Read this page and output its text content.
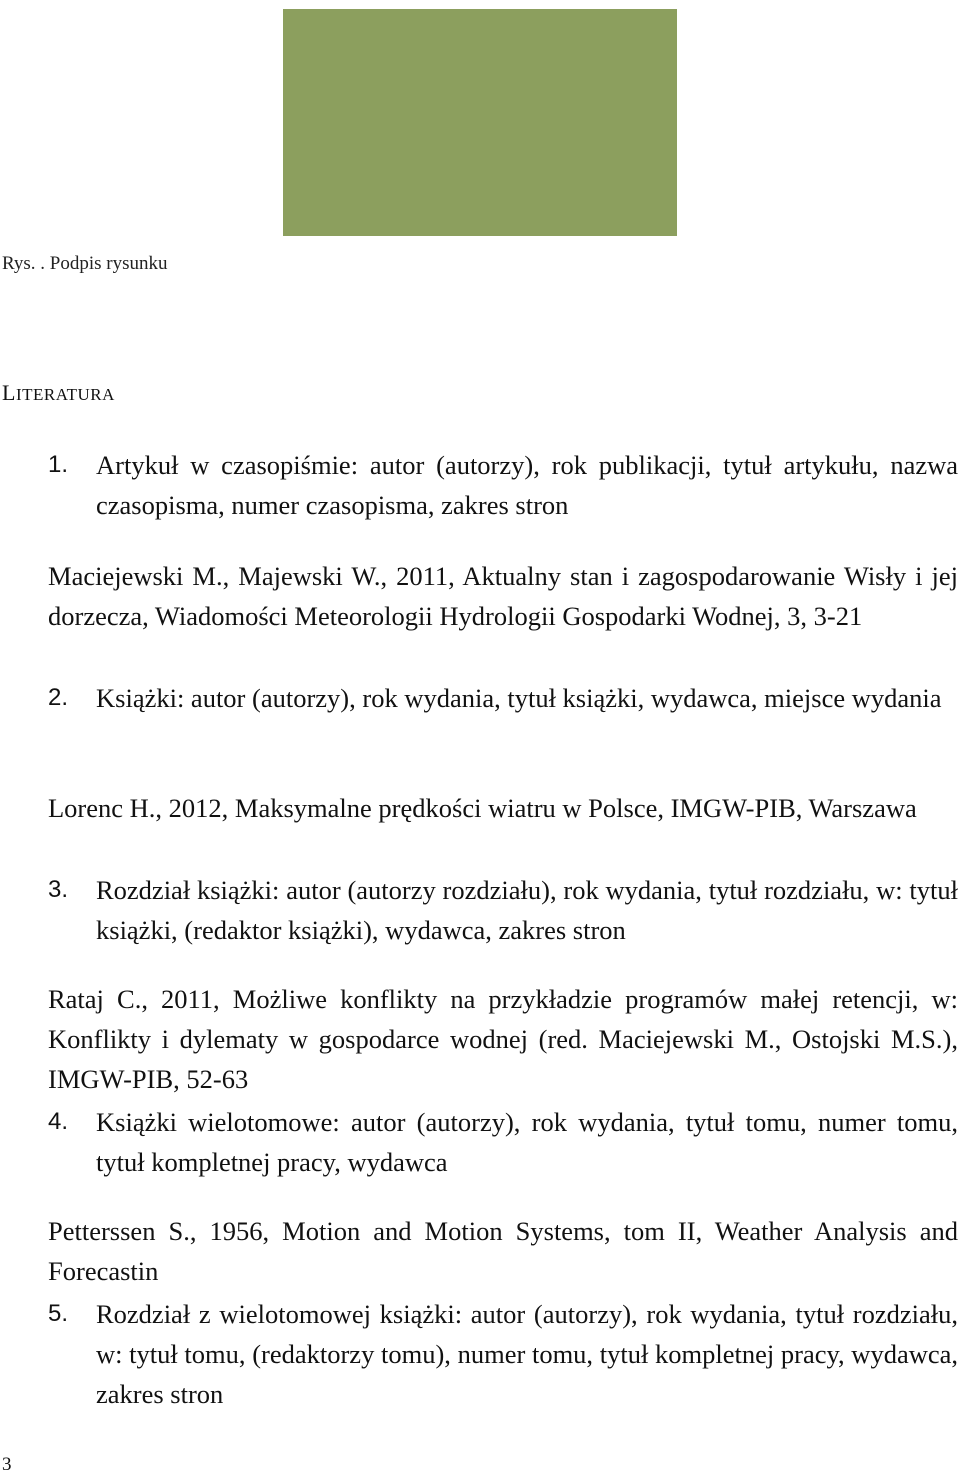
Rys. . Podpis rysunku
LITERATURA
1. Artykuł w czasopiśmie: autor (autorzy), rok publikacji, tytuł artykułu, nazwa czasopisma, numer czasopisma, zakres stron
Maciejewski M., Majewski W., 2011, Aktualny stan i zagospodarowanie Wisły i jej dorzecza, Wiadomości Meteorologii Hydrologii Gospodarki Wodnej, 3, 3-21
2. Książki: autor (autorzy), rok wydania, tytuł książki, wydawca, miejsce wydania
Lorenc H., 2012, Maksymalne prędkości wiatru w Polsce, IMGW-PIB, Warszawa
3. Rozdział książki: autor (autorzy rozdziału), rok wydania, tytuł rozdziału, w: tytuł książki, (redaktor książki), wydawca, zakres stron
Rataj C., 2011, Możliwe konflikty na przykładzie programów małej retencji, w: Konflikty i dylematy w gospodarce wodnej (red. Maciejewski M., Ostojski M.S.), IMGW-PIB, 52-63
4. Książki wielotomowe: autor (autorzy), rok wydania, tytuł tomu, numer tomu, tytuł kompletnej pracy, wydawca
Petterssen S., 1956, Motion and Motion Systems, tom II, Weather Analysis and Forecastin
5. Rozdział z wielotomowej książki: autor (autorzy), rok wydania, tytuł rozdziału, w: tytuł tomu, (redaktorzy tomu), numer tomu, tytuł kompletnej pracy, wydawca, zakres stron
3
